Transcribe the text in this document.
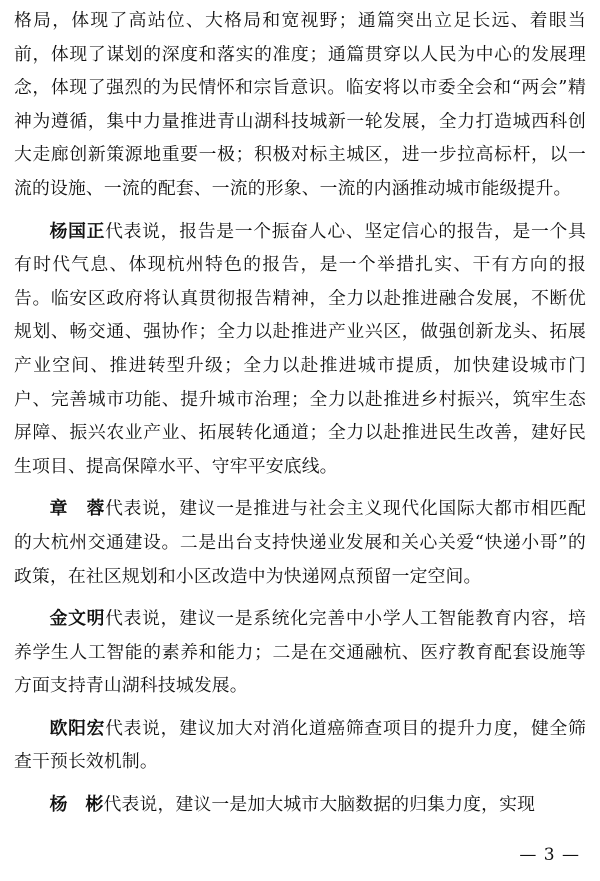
格局，体现了高站位、大格局和宽视野；通篇突出立足长远、着眼当前，体现了谋划的深度和落实的准度；通篇贯穿以人民为中心的发展理念，体现了强烈的为民情怀和宗旨意识。临安将以市委全会和“两会”精神为遵循，集中力量推进青山湖科技城新一轮发展，全力打造城西科创大走廊创新策源地重要一极；积极对标主城区，进一步拉高标杆，以一流的设施、一流的配套、一流的形象、一流的内涵推动城市能级提升。

杨国正代表说，报告是一个振奋人心、坚定信心的报告，是一个具有时代气息、体现杭州特色的报告，是一个举措扎实、干有方向的报告。临安区政府将认真贯彻报告精神，全力以赴推进融合发展，不断优规划、畅交通、强协作；全力以赴推进产业兴区，做强创新龙头、拓展产业空间、推进转型升级；全力以赴推进城市提质，加快建设城市门户、完善城市功能、提升城市治理；全力以赴推进乡村振兴，筑牢生态屏障、振兴农业产业、拓展转化通道；全力以赴推进民生改善，建好民生项目、提高保障水平、守牢平安底线。

章　蓉代表说，建议一是推进与社会主义现代化国际大都市相匹配的大杭州交通建设。二是出台支持快递业发展和关心关爱“快递小哥”的政策，在社区规划和小区改造中为快递网点预留一定空间。

金文明代表说，建议一是系统化完善中小学人工智能教育内容，培养学生人工智能的素养和能力；二是在交通融杭、医疗教育配套设施等方面支持青山湖科技城发展。

欧阳宏代表说，建议加大对消化道癌筛查项目的提升力度，健全筛查干预长效机制。

杨　彬代表说，建议一是加大城市大脑数据的归集力度，实现

— 3 —
